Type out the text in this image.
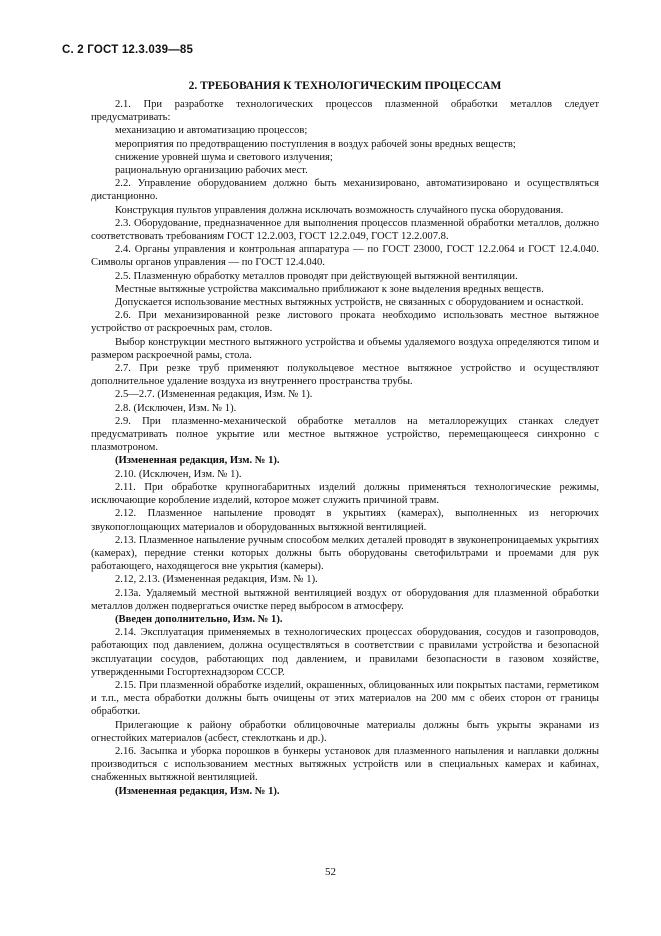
С. 2 ГОСТ 12.3.039—85
2. ТРЕБОВАНИЯ К ТЕХНОЛОГИЧЕСКИМ ПРОЦЕССАМ

2.1. При разработке технологических процессов плазменной обработки металлов следует предусматривать:

механизацию и автоматизацию процессов;

мероприятия по предотвращению поступления в воздух рабочей зоны вредных веществ;

снижение уровней шума и светового излучения;

рациональную организацию рабочих мест.

2.2. Управление оборудованием должно быть механизировано, автоматизировано и осуществляться дистанционно.

Конструкция пультов управления должна исключать возможность случайного пуска оборудования.

2.3. Оборудование, предназначенное для выполнения процессов плазменной обработки металлов, должно соответствовать требованиям ГОСТ 12.2.003, ГОСТ 12.2.049, ГОСТ 12.2.007.8.

2.4. Органы управления и контрольная аппаратура — по ГОСТ 23000, ГОСТ 12.2.064 и ГОСТ 12.4.040. Символы органов управления — по ГОСТ 12.4.040.

2.5. Плазменную обработку металлов проводят при действующей вытяжной вентиляции.

Местные вытяжные устройства максимально приближают к зоне выделения вредных веществ.

Допускается использование местных вытяжных устройств, не связанных с оборудованием и оснасткой.

2.6. При механизированной резке листового проката необходимо использовать местное вытяжное устройство от раскроечных рам, столов.

Выбор конструкции местного вытяжного устройства и объемы удаляемого воздуха определяются типом и размером раскроечной рамы, стола.

2.7. При резке труб применяют полукольцевое местное вытяжное устройство и осуществляют дополнительное удаление воздуха из внутреннего пространства трубы.

2.5—2.7. (Измененная редакция, Изм. № 1).

2.8. (Исключен, Изм. № 1).

2.9. При плазменно-механической обработке металлов на металлорежущих станках следует предусматривать полное укрытие или местное вытяжное устройство, перемещающееся синхронно с плазмотроном.

(Измененная редакция, Изм. № 1).

2.10. (Исключен, Изм. № 1).

2.11. При обработке крупногабаритных изделий должны применяться технологические режимы, исключающие коробление изделий, которое может служить причиной травм.

2.12. Плазменное напыление проводят в укрытиях (камерах), выполненных из негорючих звукопоглощающих материалов и оборудованных вытяжной вентиляцией.

2.13. Плазменное напыление ручным способом мелких деталей проводят в звуконепроницаемых укрытиях (камерах), передние стенки которых должны быть оборудованы светофильтрами и проемами для рук работающего, находящегося вне укрытия (камеры).

2.12, 2.13. (Измененная редакция, Изм. № 1).

2.13а. Удаляемый местной вытяжной вентиляцией воздух от оборудования для плазменной обработки металлов должен подвергаться очистке перед выбросом в атмосферу.

(Введен дополнительно, Изм. № 1).

2.14. Эксплуатация применяемых в технологических процессах оборудования, сосудов и газопроводов, работающих под давлением, должна осуществляться в соответствии с правилами устройства и безопасной эксплуатации сосудов, работающих под давлением, и правилами безопасности в газовом хозяйстве, утвержденными Госгортехнадзором СССР.

2.15. При плазменной обработке изделий, окрашенных, облицованных или покрытых пастами, герметиком и т.п., места обработки должны быть очищены от этих материалов на 200 мм с обеих сторон от границы обработки.

Прилегающие к району обработки облицовочные материалы должны быть укрыты экранами из огнестойких материалов (асбест, стеклоткань и др.).

2.16. Засыпка и уборка порошков в бункеры установок для плазменного напыления и наплавки должны производиться с использованием местных вытяжных устройств или в специальных камерах и кабинах, снабженных вытяжной вентиляцией.

(Измененная редакция, Изм. № 1).

52
